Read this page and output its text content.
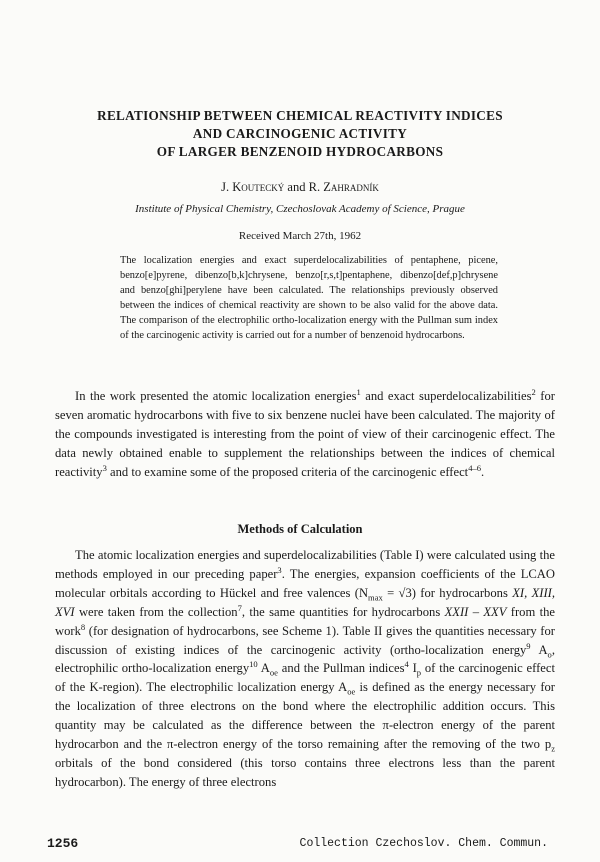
RELATIONSHIP BETWEEN CHEMICAL REACTIVITY INDICES
AND CARCINOGENIC ACTIVITY
OF LARGER BENZENOID HYDROCARBONS
J. Koutecký and R. Zahradník
Institute of Physical Chemistry, Czechoslovak Academy of Science, Prague
Received March 27th, 1962

The localization energies and exact superdelocalizabilities of pentaphene, picene, benzo[e]pyrene, dibenzo[b,k]chrysene, benzo[r,s,t]pentaphene, dibenzo[def,p]chrysene and benzo[ghi]perylene have been calculated. The relationships previously observed between the indices of chemical reactivity are shown to be also valid for the above data. The comparison of the electrophilic ortho-localization energy with the Pullman sum index of the carcinogenic activity is carried out for a number of benzenoid hydrocarbons.

In the work presented the atomic localization energies$^1$ and exact superdelocalizabilities$^2$ for seven aromatic hydrocarbons with five to six benzene nuclei have been calculated. The majority of the compounds investigated is interesting from the point of view of their carcinogenic effect. The data newly obtained enable to supplement the relationships between the indices of chemical reactivity$^3$ and to examine some of the proposed criteria of the carcinogenic effect$^{4-6}$.

Methods of Calculation

The atomic localization energies and superdelocalizabilities (Table I) were calculated using the methods employed in our preceding paper$^3$. The energies, expansion coefficients of the LCAO molecular orbitals according to Hückel and free valences $(N_{max} = √3)$ for hydrocarbons XI, XIII, XVI were taken from the collection$^7$, the same quantities for hydrocarbons XXII – XXV from the work$^8$ (for designation of hydrocarbons, see Scheme 1). Table II gives the quantities necessary for discussion of existing indices of the carcinogenic activity (ortho-localization energy$^9$ $A_o$, electrophilic ortho-localization energy$^{10}$ $A_{oe}$ and the Pullman indices$^4$ $I_p$ of the carcinogenic effect of the K-region). The electrophilic localization energy $A_{oe}$ is defined as the energy necessary for the localization of three electrons on the bond where the electrophilic addition occurs. This quantity may be calculated as the difference between the π-electron energy of the parent hydrocarbon and the π-electron energy of the torso remaining after the removing of the two $p_z$ orbitals of the bond considered (this torso contains three electrons less than the parent hydrocarbon). The energy of three electrons

1256	Collection Czechoslov. Chem. Commun.
